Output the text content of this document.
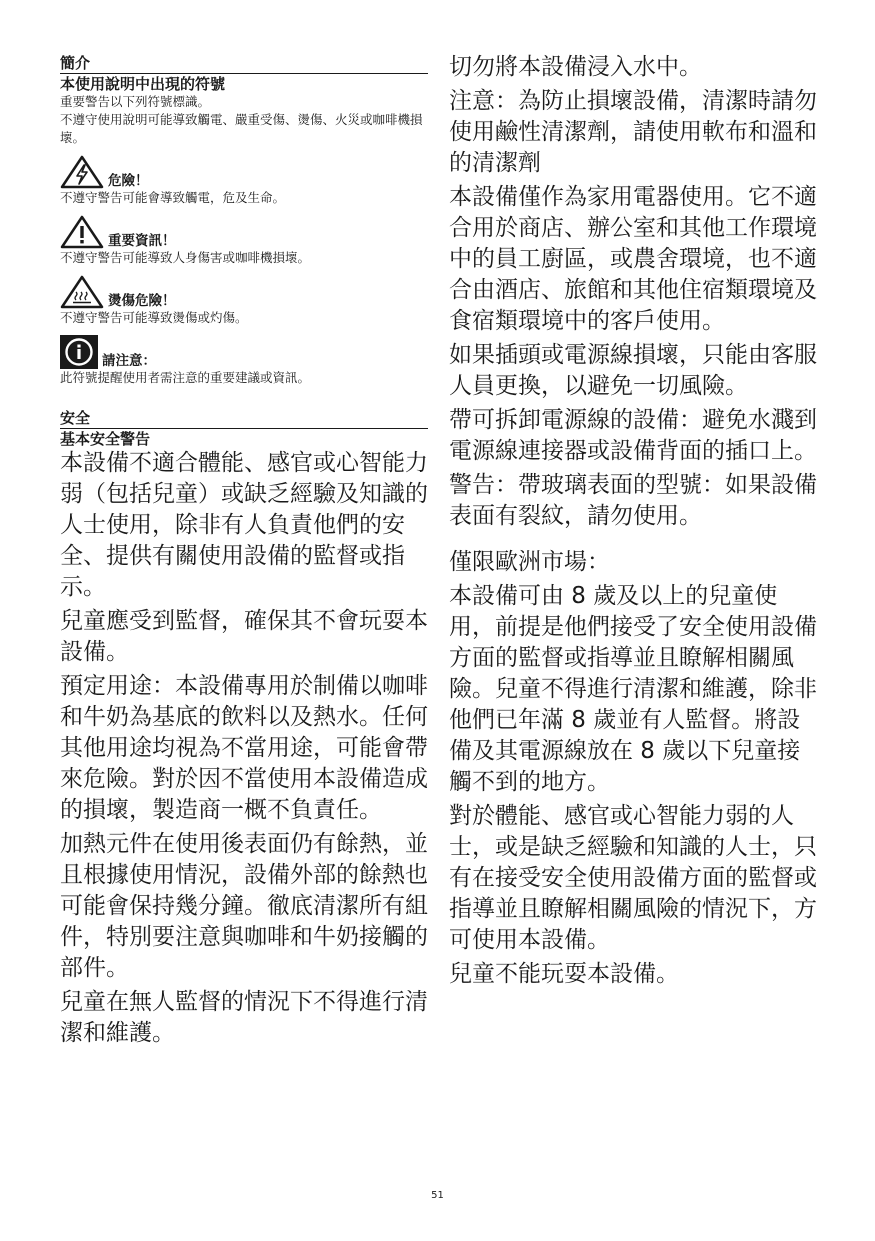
簡介
本使用說明中出現的符號
重要警告以下列符號標識。
不遵守使用說明可能導致觸電、嚴重受傷、燙傷、火災或咖啡機損壞。
危險！
不遵守警告可能會導致觸電，危及生命。
重要資訊！
不遵守警告可能導致人身傷害或咖啡機損壞。
燙傷危險！
不遵守警告可能導致燙傷或灼傷。
請注意：
此符號提醒使用者需注意的重要建議或資訊。
安全
基本安全警告

本設備不適合體能、感官或心智能力弱（包括兒童）或缺乏經驗及知識的人士使用，除非有人負責他們的安全、提供有關使用設備的監督或指示。

兒童應受到監督，確保其不會玩耍本設備。

預定用途：本設備專用於制備以咖啡和牛奶為基底的飲料以及熱水。任何其他用途均視為不當用途，可能會帶來危險。對於因不當使用本設備造成的損壞，製造商一概不負責任。

加熱元件在使用後表面仍有餘熱，並且根據使用情況，設備外部的餘熱也可能會保持幾分鐘。徹底清潔所有組件，特別要注意與咖啡和牛奶接觸的部件。

兒童在無人監督的情況下不得進行清潔和維護。

切勿將本設備浸入水中。

注意：為防止損壞設備，清潔時請勿使用鹼性清潔劑，請使用軟布和溫和的清潔劑

本設備僅作為家用電器使用。它不適合用於商店、辦公室和其他工作環境中的員工廚區，或農舍環境，也不適合由酒店、旅館和其他住宿類環境及食宿類環境中的客戶使用。

如果插頭或電源線損壞，只能由客服人員更換，以避免一切風險。

帶可拆卸電源線的設備：避免水濺到電源線連接器或設備背面的插口上。

警告：帶玻璃表面的型號：如果設備表面有裂紋，請勿使用。

僅限歐洲市場：

本設備可由 8 歲及以上的兒童使用，前提是他們接受了安全使用設備方面的監督或指導並且瞭解相關風險。兒童不得進行清潔和維護，除非他們已年滿 8 歲並有人監督。將設備及其電源線放在 8 歲以下兒童接觸不到的地方。

對於體能、感官或心智能力弱的人士，或是缺乏經驗和知識的人士，只有在接受安全使用設備方面的監督或指導並且瞭解相關風險的情況下，方可使用本設備。

兒童不能玩耍本設備。

51
